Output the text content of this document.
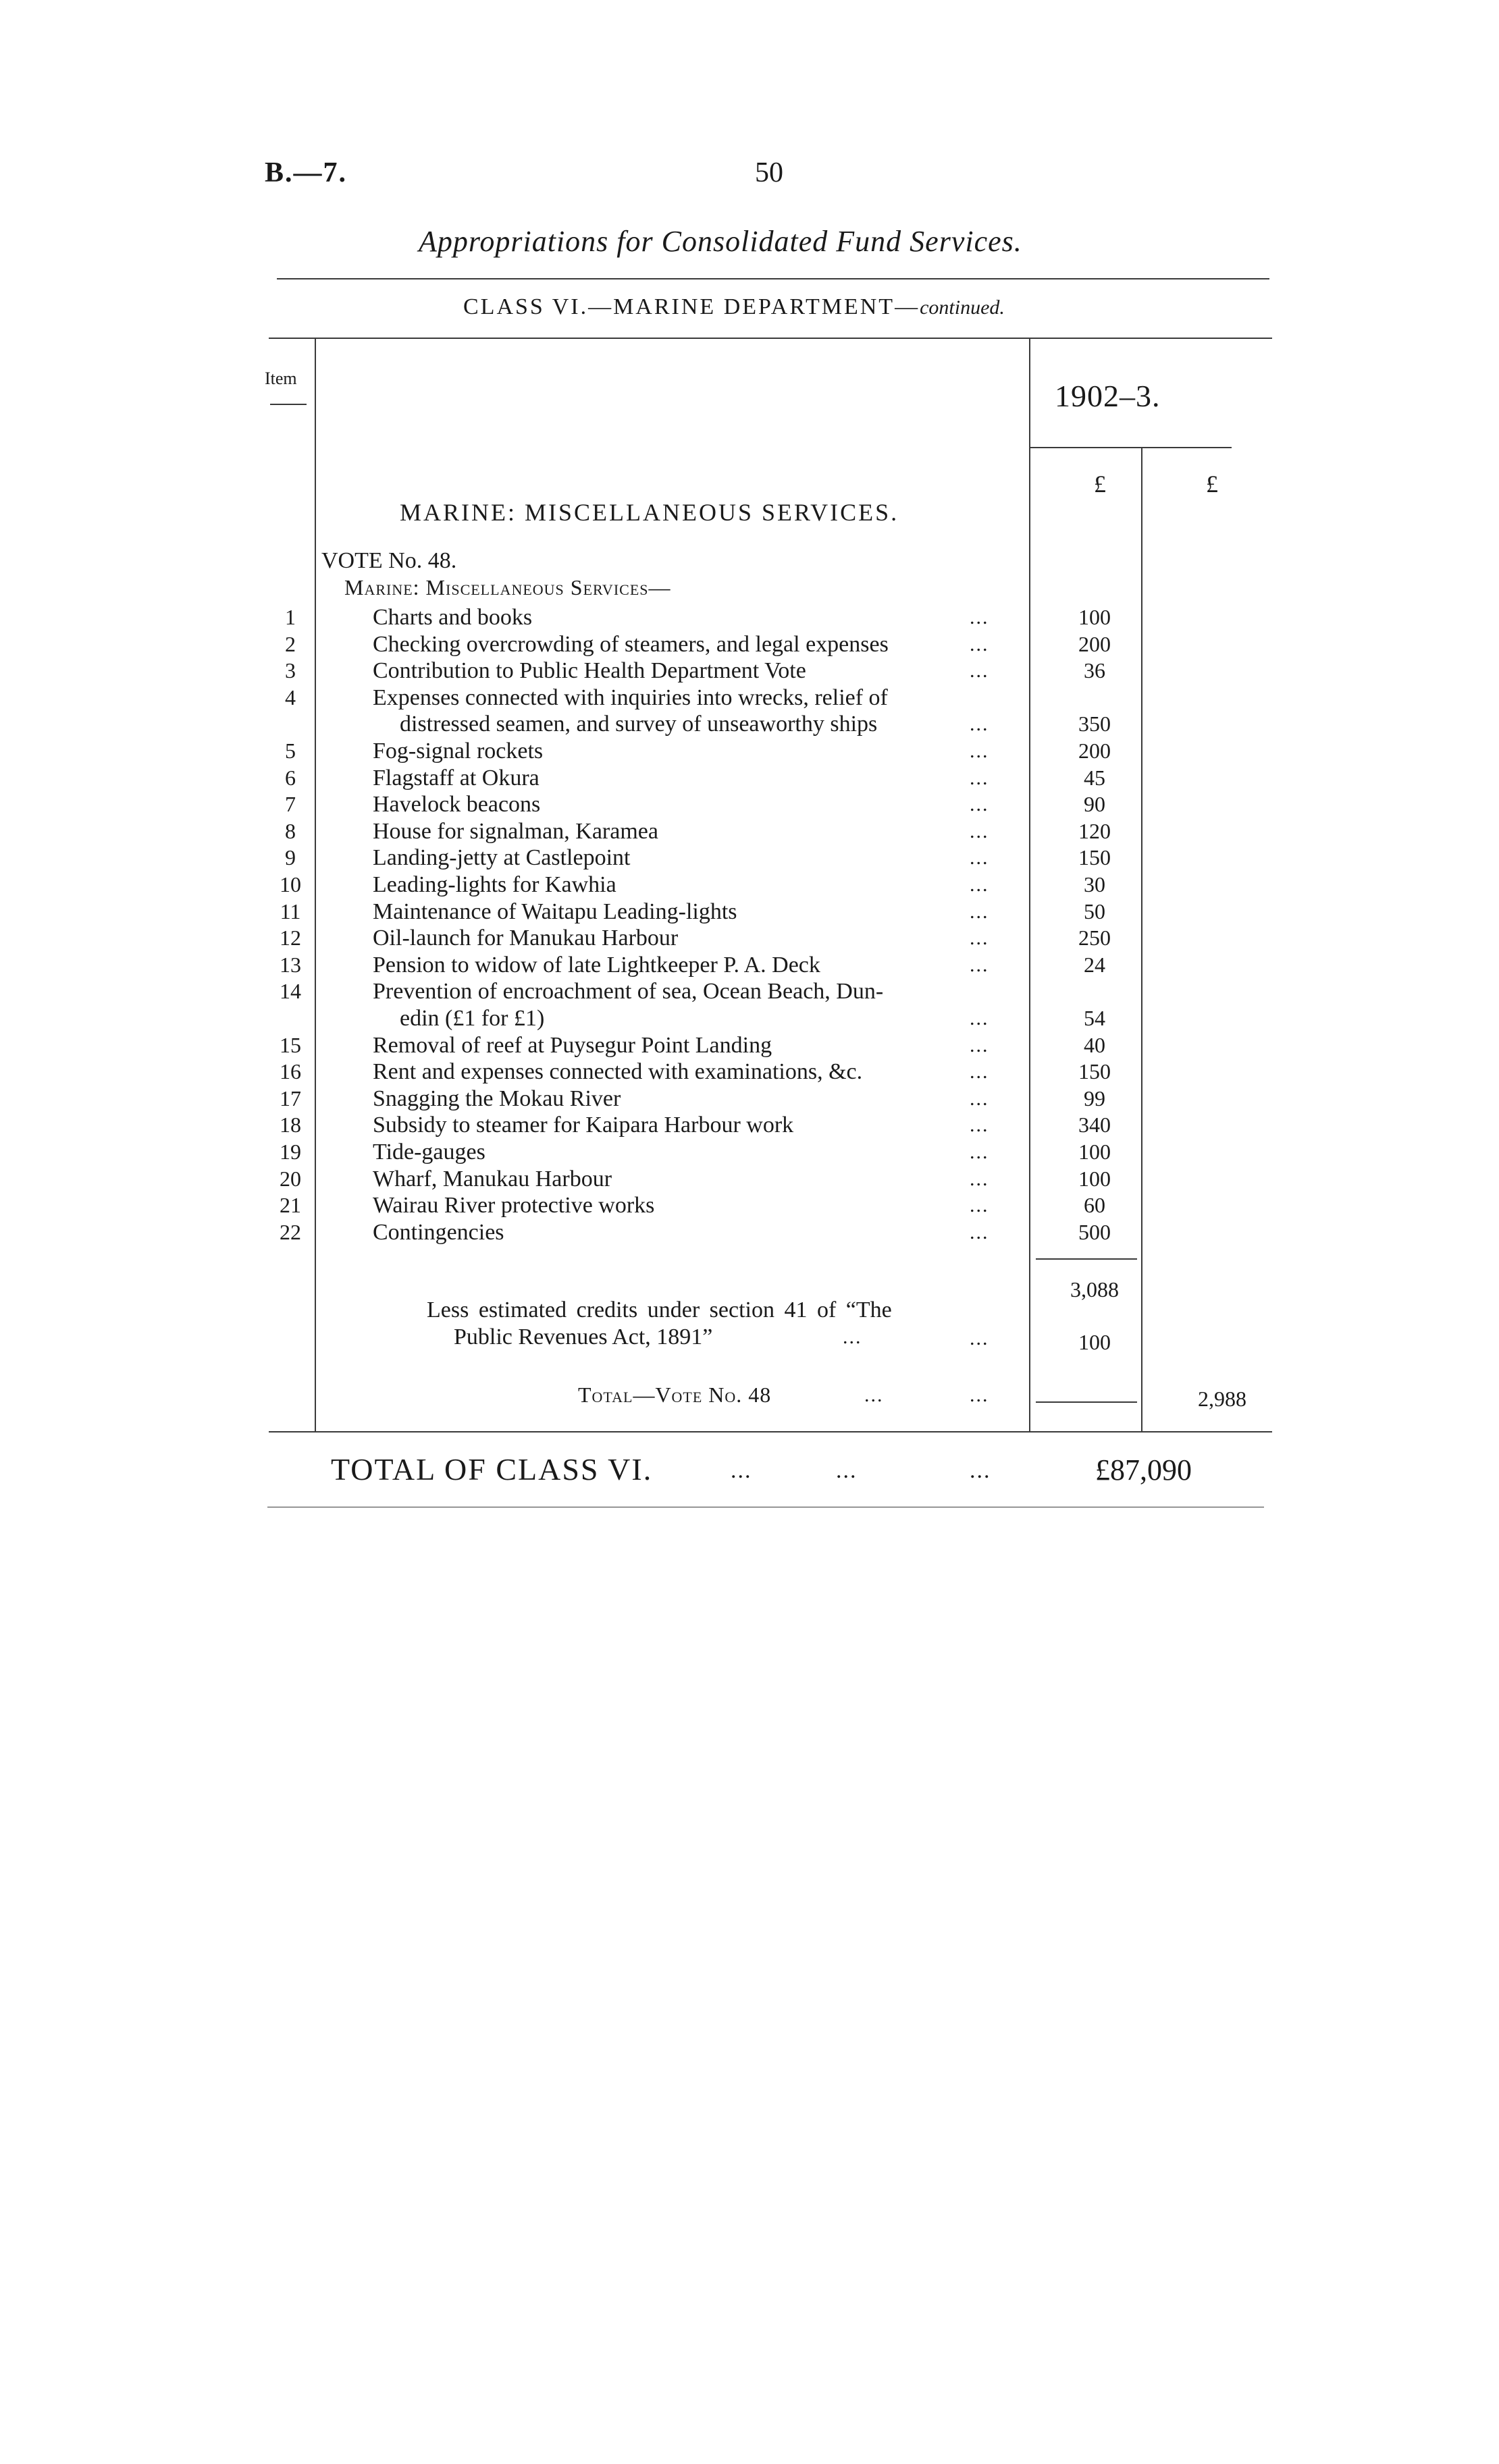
B.—7.	50
Appropriations for Consolidated Fund Services.
CLASS VI.—MARINE DEPARTMENT—continued.
Item
1902–3.
£	£
MARINE: MISCELLANEOUS SERVICES.
VOTE No. 48.
Marine: Miscellaneous Services—
1	Charts and books	...	100
2	Checking overcrowding of steamers, and legal expenses	...	200
3	Contribution to Public Health Department Vote	...	36
4	Expenses connected with inquiries into wrecks, relief of
distressed seamen, and survey of unseaworthy ships	...	350
5	Fog-signal rockets	...	200
6	Flagstaff at Okura	...	45
7	Havelock beacons	...	90
8	House for signalman, Karamea	...	120
9	Landing-jetty at Castlepoint	...	150
10	Leading-lights for Kawhia	...	30
11	Maintenance of Waitapu Leading-lights	...	50
12	Oil-launch for Manukau Harbour	...	250
13	Pension to widow of late Lightkeeper P. A. Deck	...	24
14	Prevention of encroachment of sea, Ocean Beach, Dun-
edin (£1 for £1)	...	54
15	Removal of reef at Puysegur Point Landing	...	40
16	Rent and expenses connected with examinations, &c.	...	150
17	Snagging the Mokau River	...	99
18	Subsidy to steamer for Kaipara Harbour work	...	340
19	Tide-gauges	...	100
20	Wharf, Manukau Harbour	...	100
21	Wairau River protective works	...	60
22	Contingencies	...	500
3,088
Less estimated credits under section 41 of “The
Public Revenues Act, 1891”	...	...	100
Total—Vote No. 48	...	...	2,988
TOTAL OF CLASS VI.	...	...	...	£87,090
